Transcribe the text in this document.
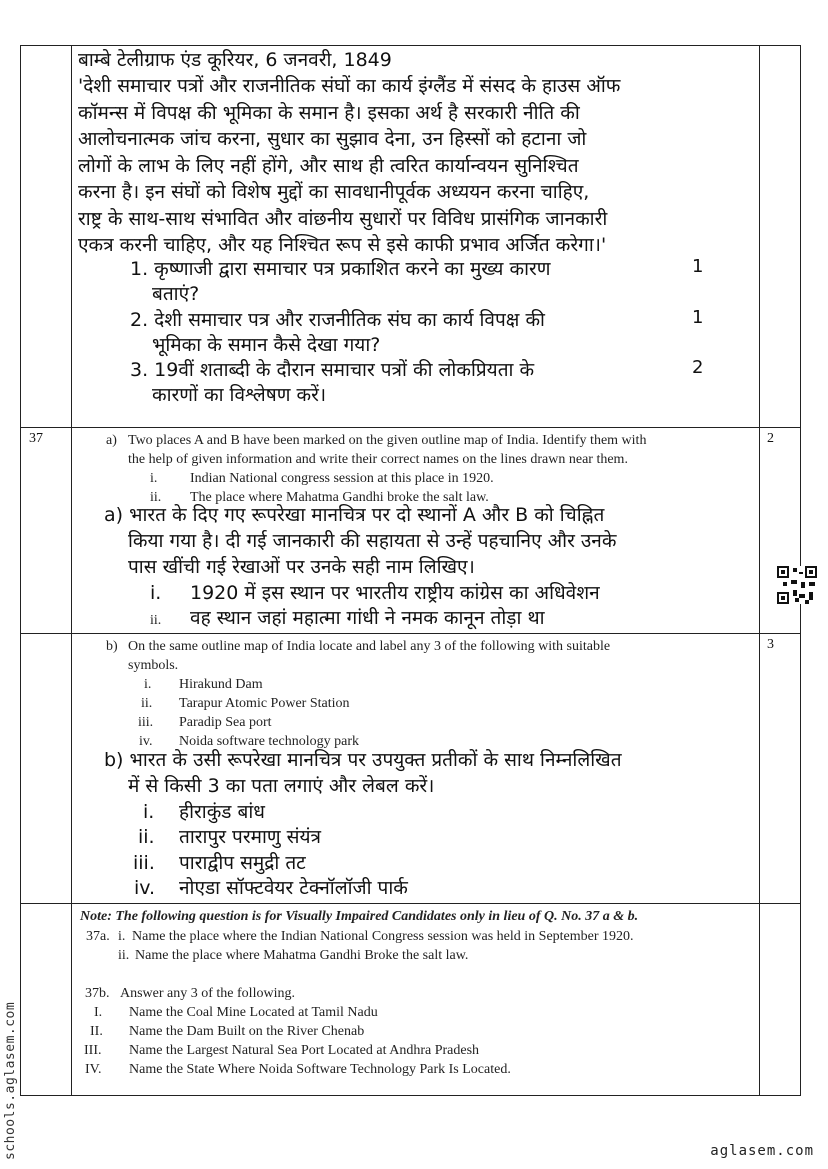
बाम्बे टेलीग्राफ एंड कूरियर, 6 जनवरी, 1849
'देशी समाचार पत्रों और राजनीतिक संघों का कार्य इंग्लैंड में संसद के हाउस ऑफ
कॉमन्स में विपक्ष की भूमिका के समान है। इसका अर्थ है सरकारी नीति की
आलोचनात्मक जांच करना, सुधार का सुझाव देना, उन हिस्सों को हटाना जो
लोगों के लाभ के लिए नहीं होंगे, और साथ ही त्वरित कार्यान्वयन सुनिश्चित
करना है। इन संघों को विशेष मुद्दों का सावधानीपूर्वक अध्ययन करना चाहिए,
राष्ट्र के साथ-साथ संभावित और वांछनीय सुधारों पर विविध प्रासंगिक जानकारी
एकत्र करनी चाहिए, और यह निश्चित रूप से इसे काफी प्रभाव अर्जित करेगा।'
1. कृष्णाजी द्वारा समाचार पत्र प्रकाशित करने का मुख्य कारण
बताएं?
1
2. देशी समाचार पत्र और राजनीतिक संघ का कार्य विपक्ष की
भूमिका के समान कैसे देखा गया?
1
3. 19वीं शताब्दी के दौरान समाचार पत्रों की लोकप्रियता के
कारणों का विश्लेषण करें।
2
37	2
a) Two places A and B have been marked on the given outline map of India. Identify them with
the help of given information and write their correct names on the lines drawn near them.
i. Indian National congress session at this place in 1920.
ii. The place where Mahatma Gandhi broke the salt law.
a) भारत के दिए गए रूपरेखा मानचित्र पर दो स्थानों A और B को चिह्नित
किया गया है। दी गई जानकारी की सहायता से उन्हें पहचानिए और उनके
पास खींची गई रेखाओं पर उनके सही नाम लिखिए।
i. 1920 में इस स्थान पर भारतीय राष्ट्रीय कांग्रेस का अधिवेशन
ii. वह स्थान जहां महात्मा गांधी ने नमक कानून तोड़ा था
3
b) On the same outline map of India locate and label any 3 of the following with suitable
symbols.
i. Hirakund Dam
ii. Tarapur Atomic Power Station
iii. Paradip Sea port
iv. Noida software technology park
b) भारत के उसी रूपरेखा मानचित्र पर उपयुक्त प्रतीकों के साथ निम्नलिखित
में से किसी 3 का पता लगाएं और लेबल करें।
i. हीराकुंड बांध
ii. तारापुर परमाणु संयंत्र
iii. पाराद्वीप समुद्री तट
iv. नोएडा सॉफ्टवेयर टेक्नॉलॉजी पार्क
Note: The following question is for Visually Impaired Candidates only in lieu of Q. No. 37 a & b.
37a. i. Name the place where the Indian National Congress session was held in September 1920.
ii. Name the place where Mahatma Gandhi Broke the salt law.
37b. Answer any 3 of the following.
I. Name the Coal Mine Located at Tamil Nadu
II. Name the Dam Built on the River Chenab
III. Name the Largest Natural Sea Port Located at Andhra Pradesh
IV. Name the State Where Noida Software Technology Park Is Located.
schools.aglasem.com	aglasem.com
